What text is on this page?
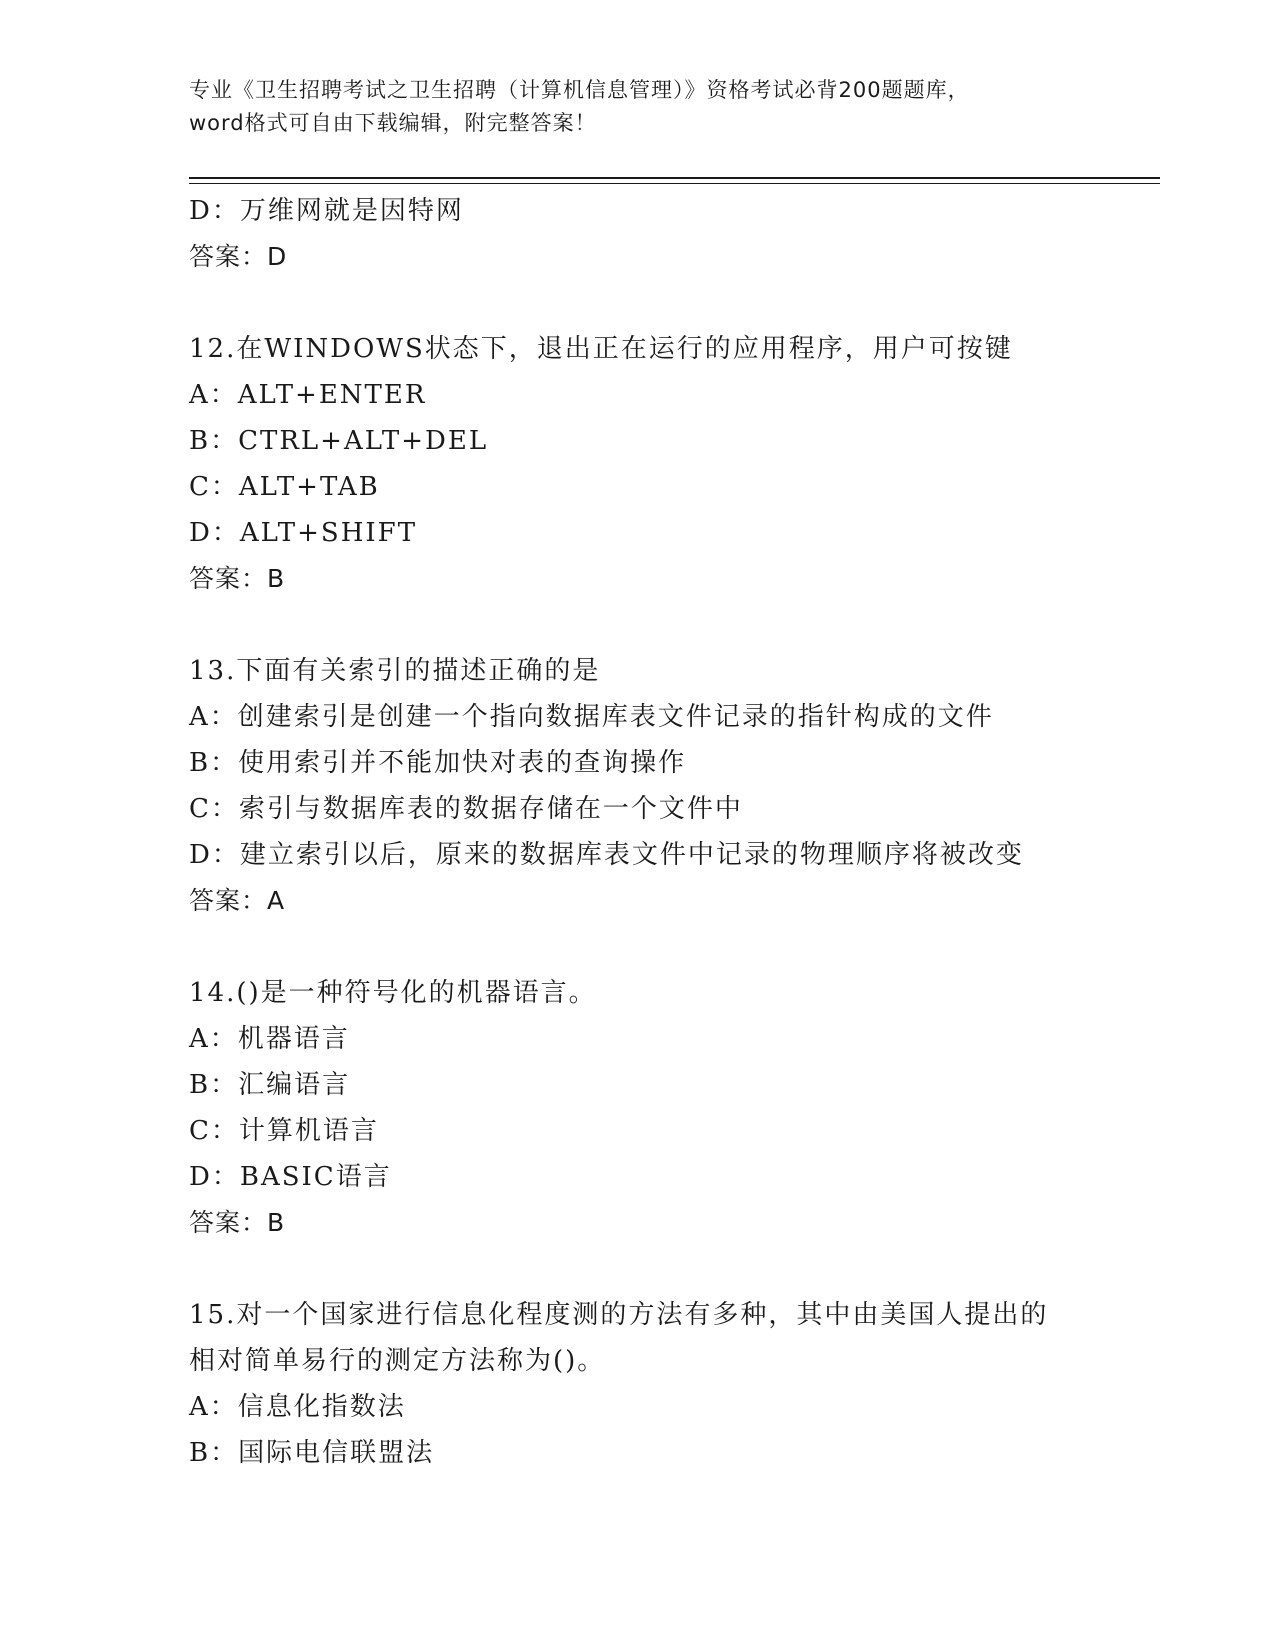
专业《卫生招聘考试之卫生招聘（计算机信息管理）》资格考试必背200题题库，

word格式可自由下载编辑，附完整答案！

D：万维网就是因特网
答案：D
12.在WINDOWS状态下，退出正在运行的应用程序，用户可按键
A：ALT+ENTER
B：CTRL+ALT+DEL
C：ALT+TAB
D：ALT+SHIFT
答案：B
13.下面有关索引的描述正确的是
A：创建索引是创建一个指向数据库表文件记录的指针构成的文件
B：使用索引并不能加快对表的查询操作
C：索引与数据库表的数据存储在一个文件中
D：建立索引以后，原来的数据库表文件中记录的物理顺序将被改变
答案：A
14.()是一种符号化的机器语言。
A：机器语言
B：汇编语言
C：计算机语言
D：BASIC语言
答案：B
15.对一个国家进行信息化程度测的方法有多种，其中由美国人提出的
相对简单易行的测定方法称为()。
A：信息化指数法
B：国际电信联盟法
